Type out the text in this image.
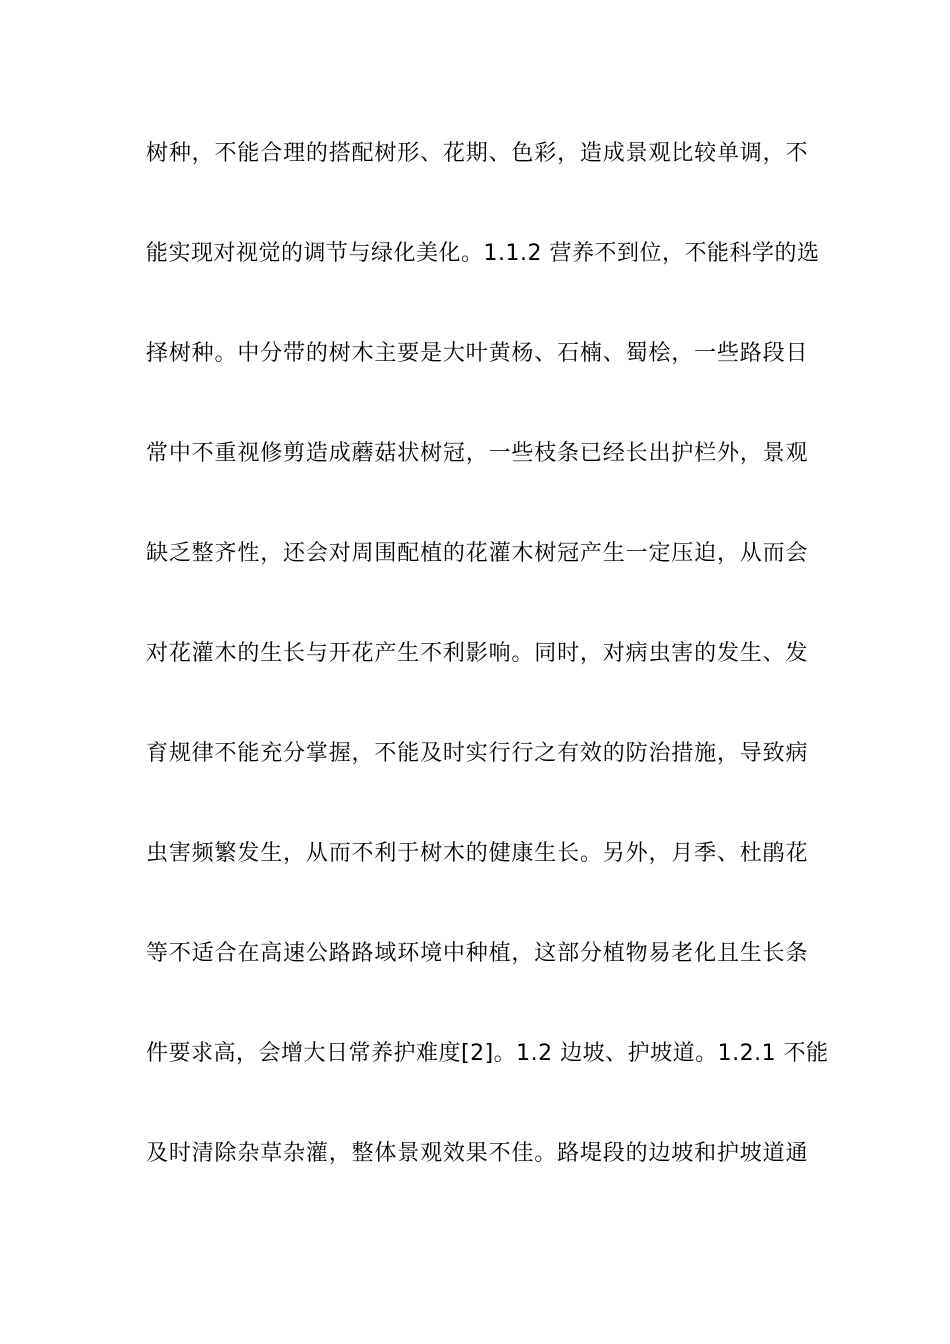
树种，不能合理的搭配树形、花期、色彩，造成景观比较单调，不
能实现对视觉的调节与绿化美化。1.1.2 营养不到位，不能科学的选
择树种。中分带的树木主要是大叶黄杨、石楠、蜀桧，一些路段日
常中不重视修剪造成蘑菇状树冠，一些枝条已经长出护栏外，景观
缺乏整齐性，还会对周围配植的花灌木树冠产生一定压迫，从而会
对花灌木的生长与开花产生不利影响。同时，对病虫害的发生、发
育规律不能充分掌握，不能及时实行行之有效的防治措施，导致病
虫害频繁发生，从而不利于树木的健康生长。另外，月季、杜鹃花
等不适合在高速公路路域环境中种植，这部分植物易老化且生长条
件要求高，会增大日常养护难度[2]。1.2 边坡、护坡道。1.2.1 不能
及时清除杂草杂灌，整体景观效果不佳。路堤段的边坡和护坡道通
